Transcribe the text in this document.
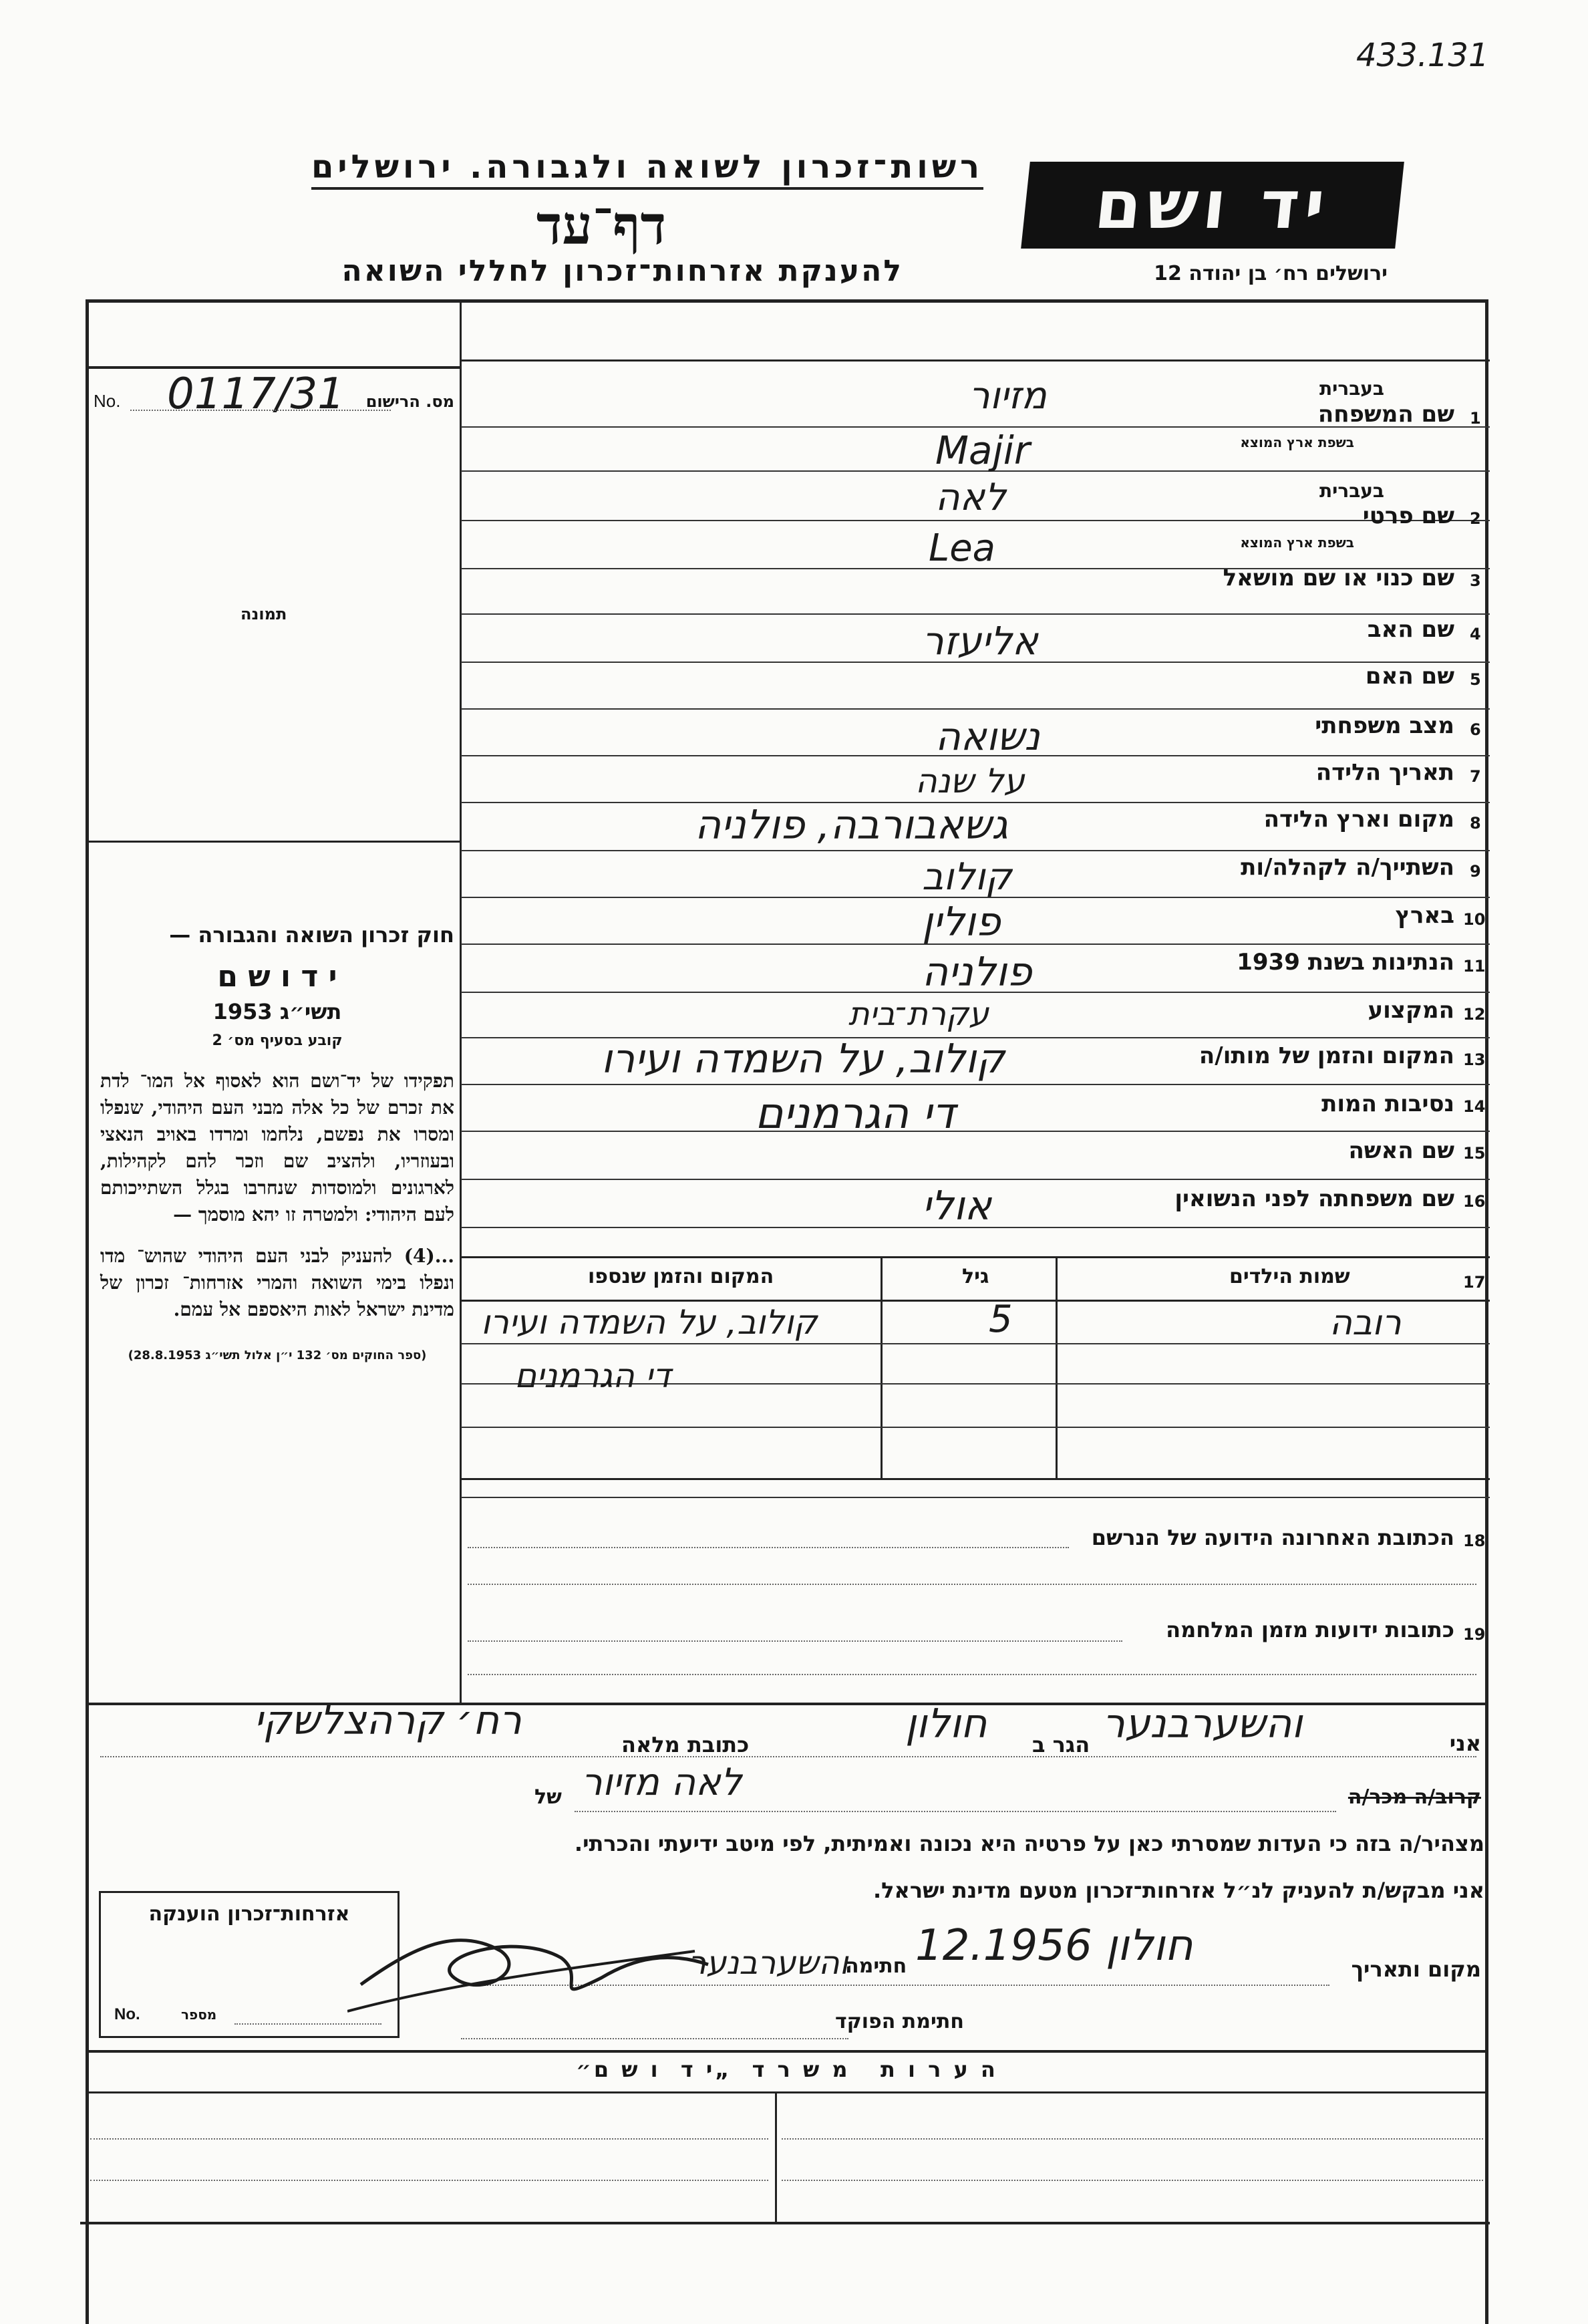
433.131
רשות־זכרון לשואה ולגבורה. ירושלים
דף־עד
להענקת אזרחות־זכרון לחללי השואה
יד ושם
ירושלים רח׳ בן יהודה 12
No. 0117/31 מס. הרישום
תמונה
חוק זכרון השואה והגבורה —
י ד ו ש ם
תשי״ג 1953
קובע בסעיף מס׳ 2
תפקידו של יד־ושם הוא לאסוף אל המו־ לדת את זכרם של כל אלה מבני העם היהודי, שנפלו ומסרו את נפשם, נלחמו ומרדו באויב הנאצי ובעוזריו, ולהציב שם וזכר להם לקהילות, לארגונים ולמוסדות שנחרבו בגלל השתייכותם לעם היהודי: ולמטרה זו יהא מוסמך —
...(4) להעניק לבני העם היהודי שהוש־ מדו ונפלו בימי השואה והמרי אזרחות־ זכרון של מדינת ישראל לאות היאספם אל עמם.
(ספר החוקים מס׳ 132 י״ן אלול תשי״ג 28.8.1953)
1
שם המשפחה
בעברית
בשפת ארץ המוצא
מזיור
Majir
2
שם פרטי
בעברית
בשפת ארץ המוצא
לאה
Lea
3
שם כנוי או שם מושאל
4
שם האב
אליעזר
5
שם האם
6
מצב משפחתי
נשואה
7
תאריך הלידה
על שנה
8
מקום וארץ הלידה
גשאבורבה, פולניה
9
השתייך/ה לקהלה/ות
קולוב
10
בארץ
פולין
11
הנתינות בשנת 1939
פולניה
12
המקצוע
עקרת־בית
13
המקום והזמן של מותו/ה
קולוב, על השמדה ועירו
14
נסיבות המות
די הגרמנים
15
שם האשה
16
שם משפחתה לפני הנשואין
אולי
17
שמות הילדים
גיל
המקום והזמן שנספו
רובה
5
קולוב, על השמדה ועירו
די הגרמנים
18
הכתובת האחרונה הידועה של הנרשם
19
כתובות ידועות מזמן המלחמה
אני
והשערבנער
הגר ב
חולון
כתובת מלאה
רח׳ קרהצלשקי
קרוב/ה מכר/ה
לאה מזיור
של
מצהיר/ה בזה כי העדות שמסרתי כאן על פרטיה היא נכונה ואמיתית, לפי מיטב ידיעתי והכרתי.
אני מבקש/ת להעניק לנ״ל אזרחות־זכרון מטעם מדינת ישראל.
מקום ותאריך
חולון 12.1956
חתימה
והשערבנער
חתימת הפוקד
אזרחות־זכרון הוענקה
No.	מספר
ה ע ר ו ת   מ ש ר ד  „י ד  ו ש ם״
